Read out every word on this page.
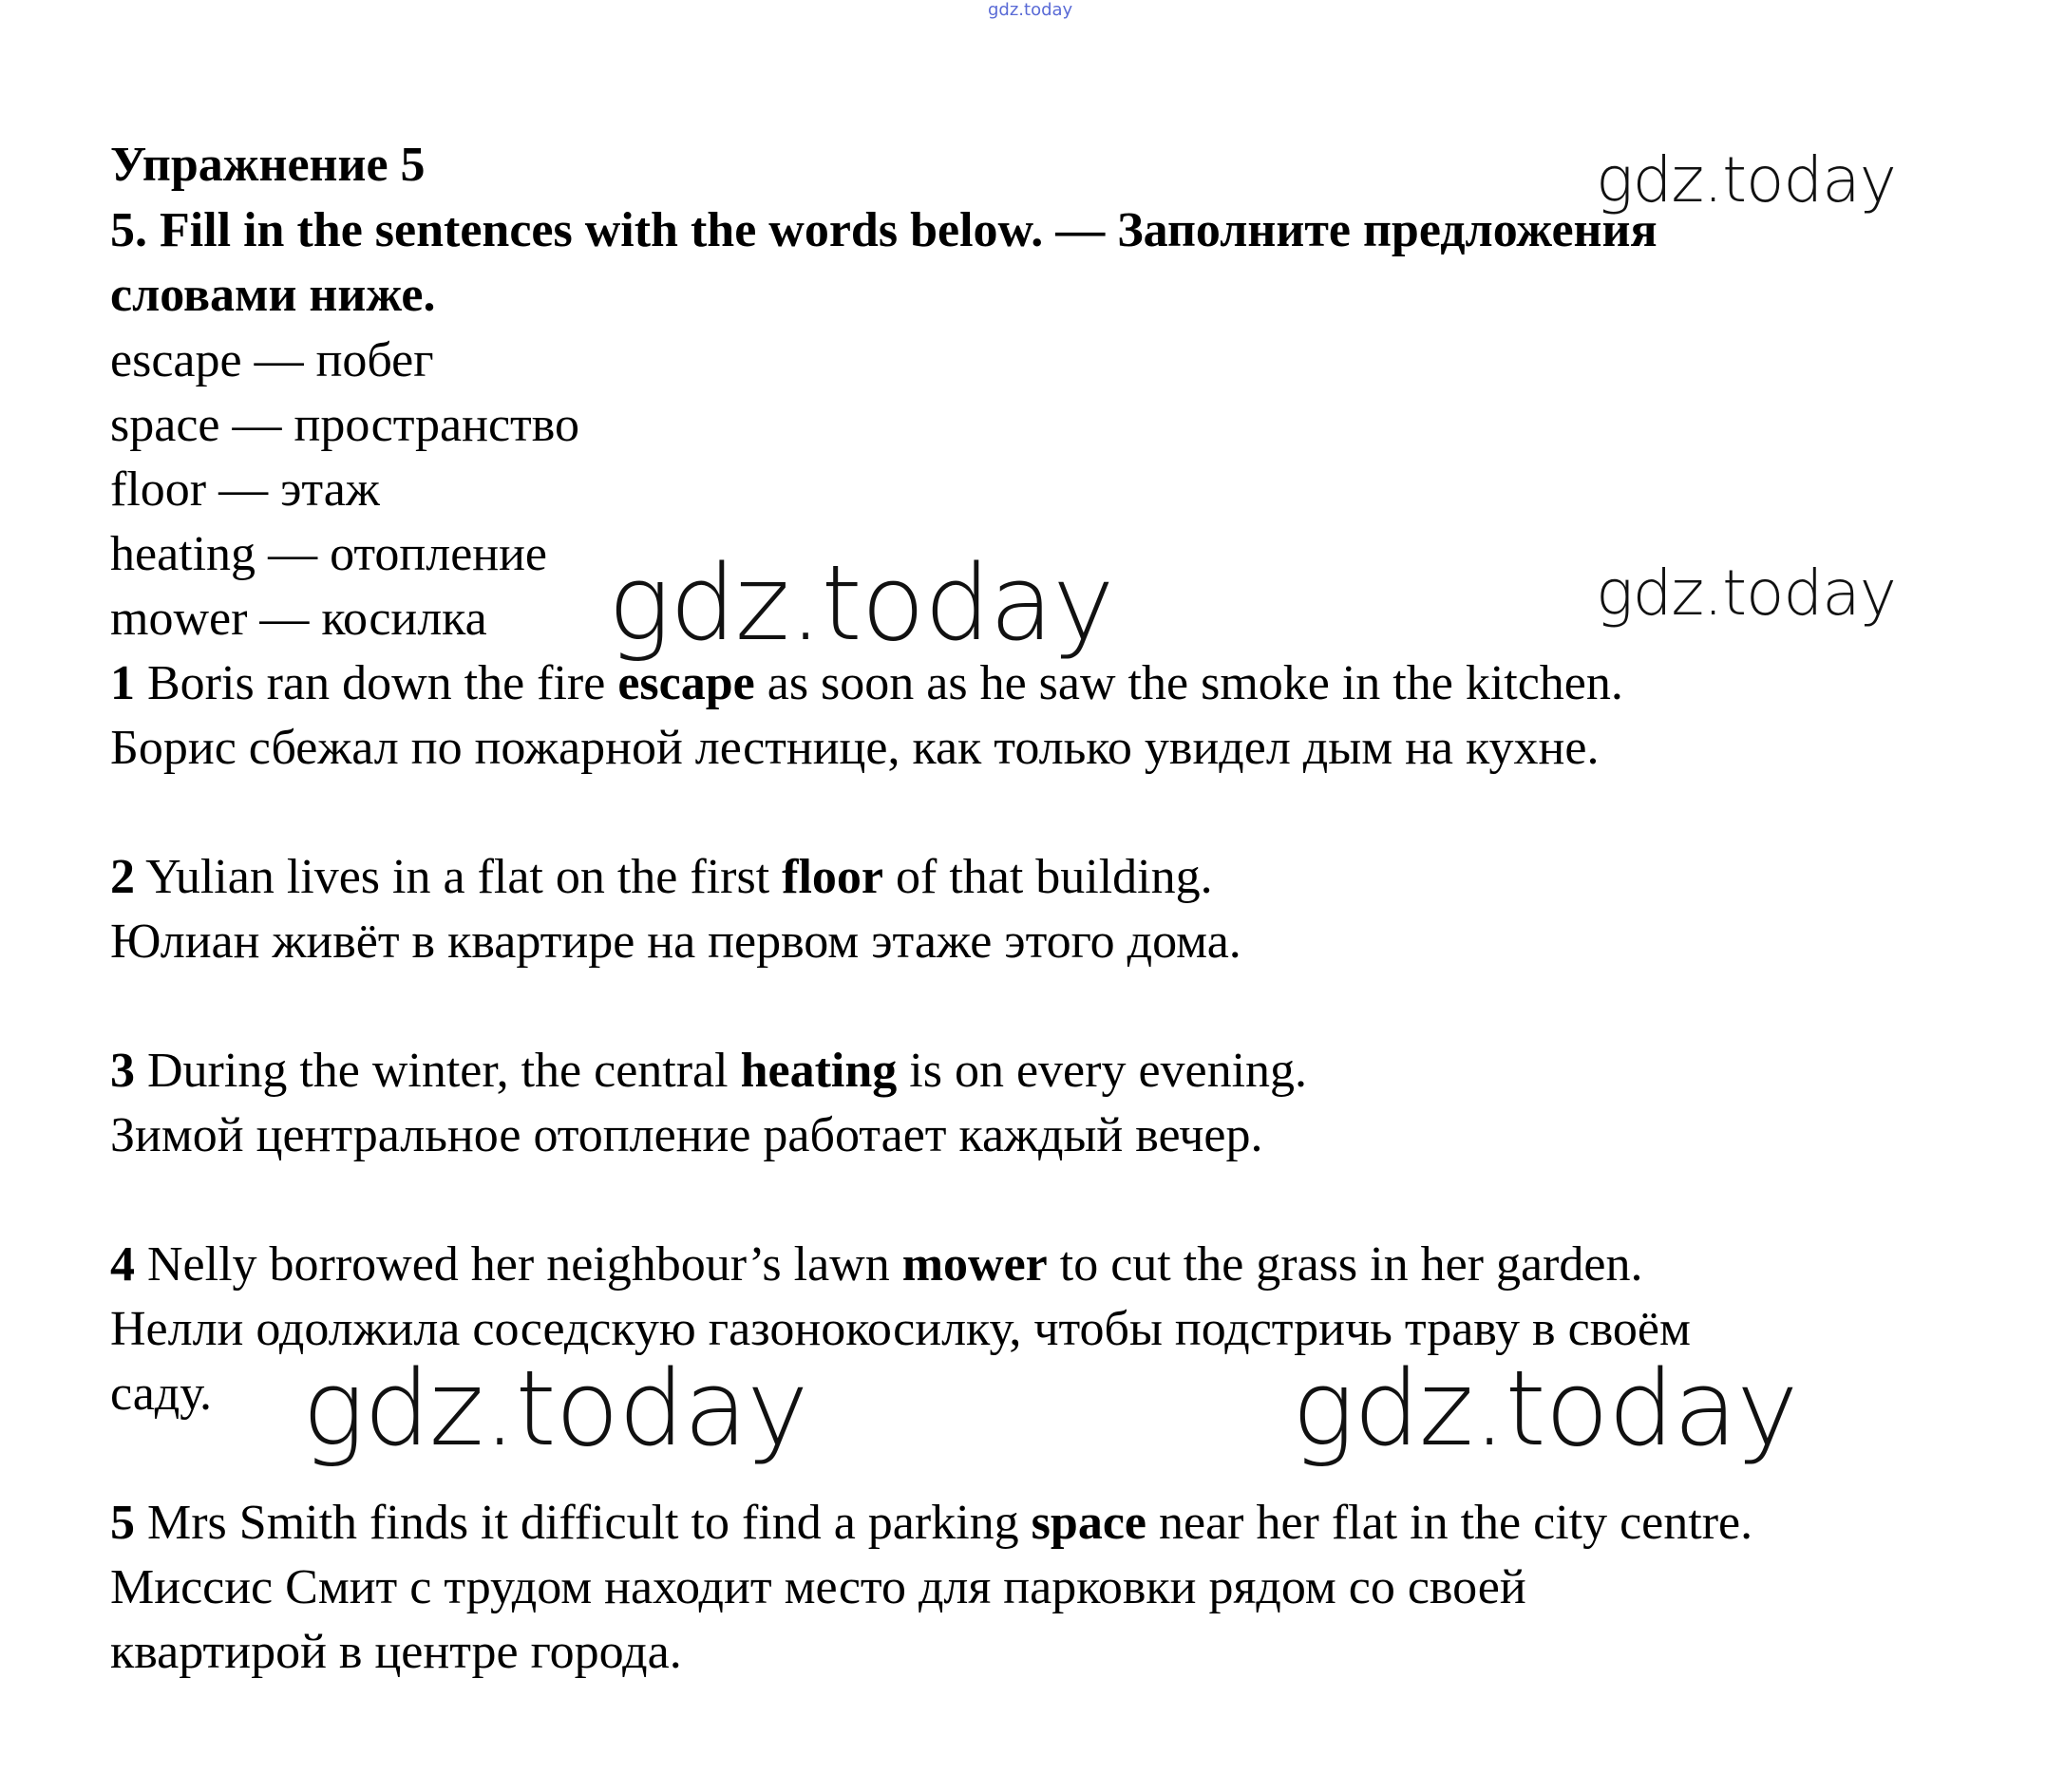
gdz.today
Упражнение 5
5. Fill in the sentences with the words below. — Заполните предложения
словами ниже.
escape — побег
space — пространство
floor — этаж
heating — отопление
mower — косилка
1 Boris ran down the fire escape as soon as he saw the smoke in the kitchen.
Борис сбежал по пожарной лестнице, как только увидел дым на кухне.
2 Yulian lives in a flat on the first floor of that building.
Юлиан живёт в квартире на первом этаже этого дома.
3 During the winter, the central heating is on every evening.
Зимой центральное отопление работает каждый вечер.
4 Nelly borrowed her neighbour’s lawn mower to cut the grass in her garden.
Нелли одолжила соседскую газонокосилку, чтобы подстричь траву в своём
саду.
5 Mrs Smith finds it difficult to find a parking space near her flat in the city centre.
Миссис Смит с трудом находит место для парковки рядом со своей
квартирой в центре города.
gdz.today
gdz.today	gdz.today
gdz.today	gdz.today
